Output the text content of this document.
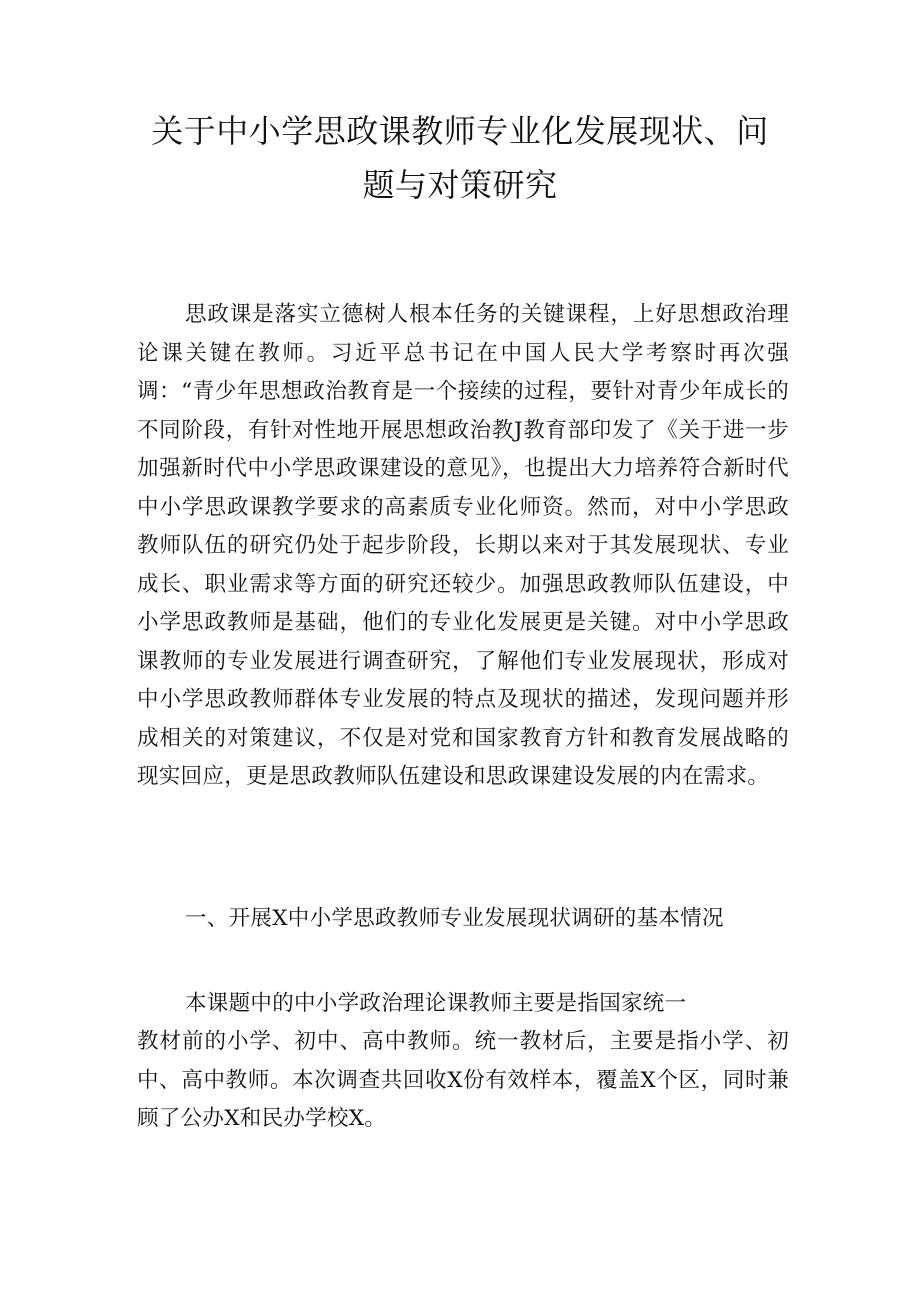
关于中小学思政课教师专业化发展现状、问
题与对策研究

思政课是落实立德树人根本任务的关键课程，上好思想政治理论课关键在教师。习近平总书记在中国人民大学考察时再次强调：“青少年思想政治教育是一个接续的过程，要针对青少年成长的不同阶段，有针对性地开展思想政治教J教育部印发了《关于进一步加强新时代中小学思政课建设的意见》，也提出大力培养符合新时代中小学思政课教学要求的高素质专业化师资。然而，对中小学思政教师队伍的研究仍处于起步阶段，长期以来对于其发展现状、专业成长、职业需求等方面的研究还较少。加强思政教师队伍建设，中小学思政教师是基础，他们的专业化发展更是关键。对中小学思政课教师的专业发展进行调查研究，了解他们专业发展现状，形成对中小学思政教师群体专业发展的特点及现状的描述，发现问题并形成相关的对策建议，不仅是对党和国家教育方针和教育发展战略的现实回应，更是思政教师队伍建设和思政课建设发展的内在需求。

一、开展X中小学思政教师专业发展现状调研的基本情况

本课题中的中小学政治理论课教师主要是指国家统一

教材前的小学、初中、高中教师。统一教材后，主要是指小学、初中、高中教师。本次调查共回收X份有效样本，覆盖X个区，同时兼顾了公办X和民办学校X。
